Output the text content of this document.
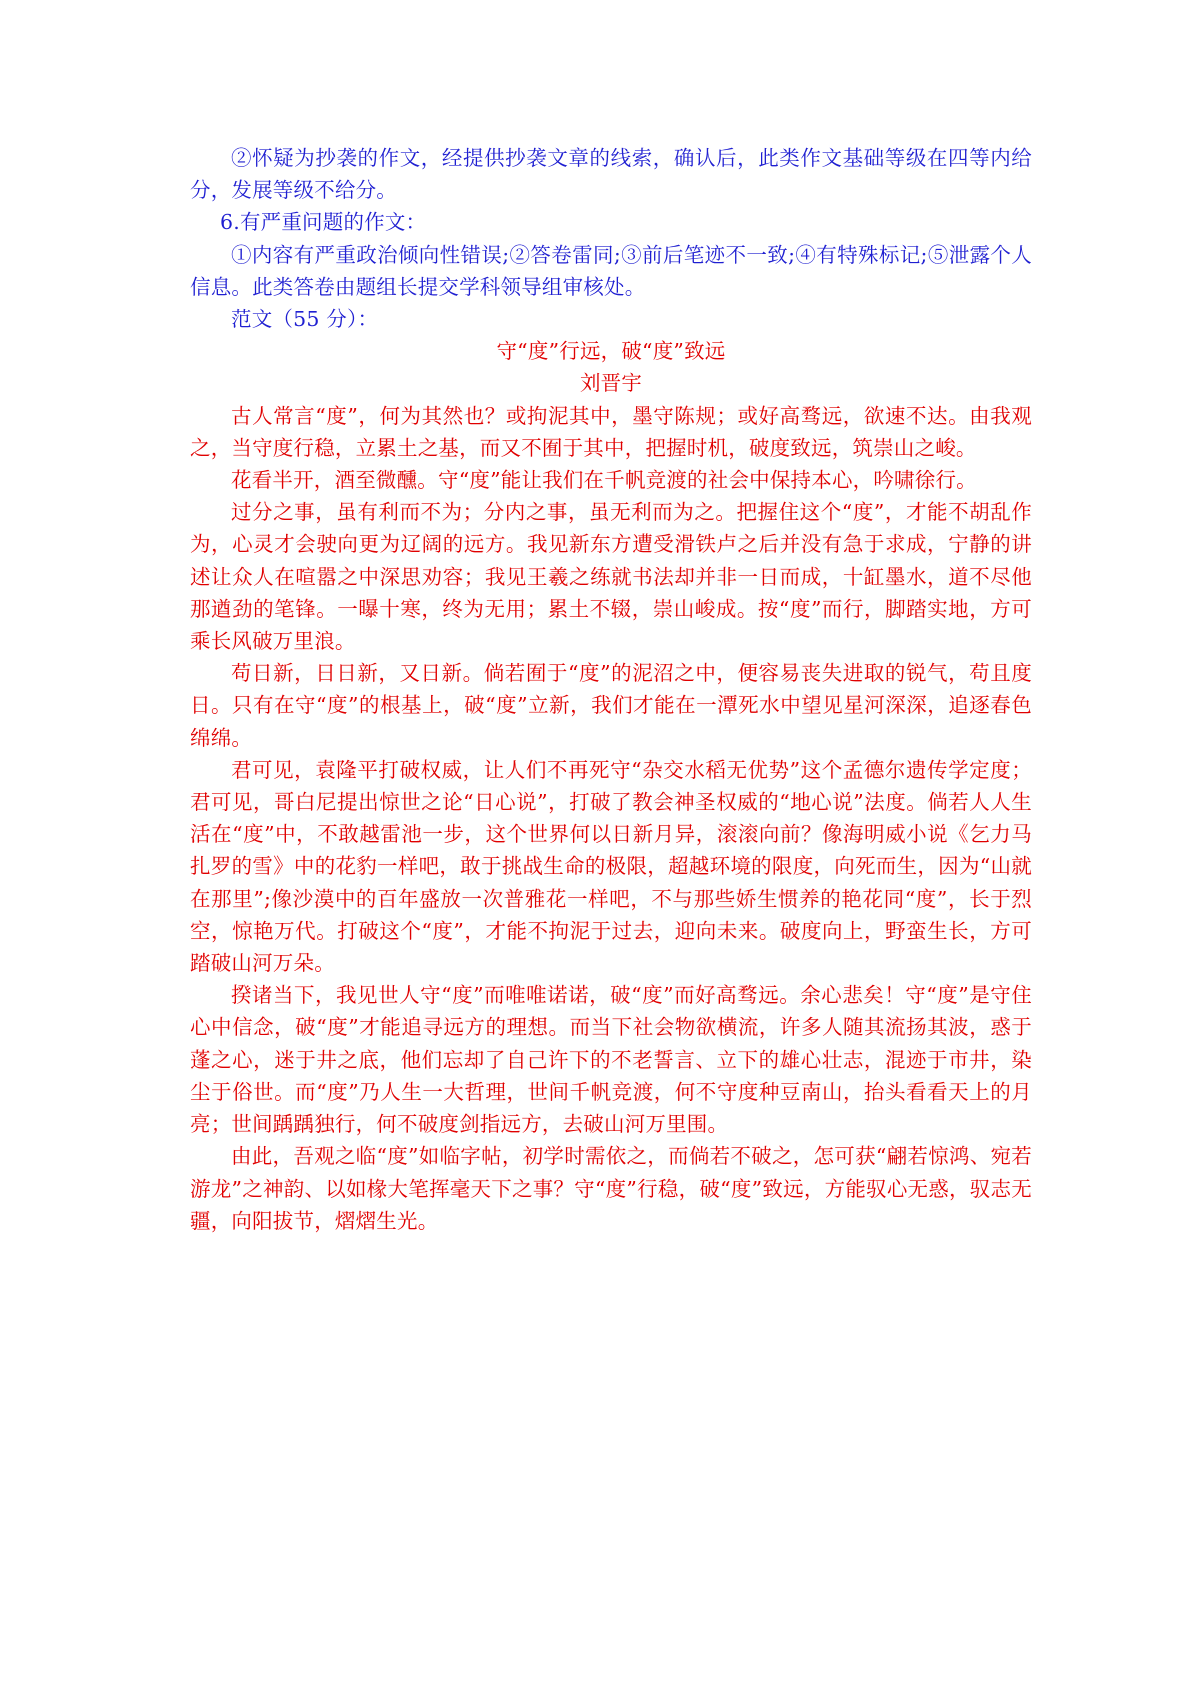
②怀疑为抄袭的作文，经提供抄袭文章的线索，确认后，此类作文基础等级在四等内给分，发展等级不给分。

6.有严重问题的作文：

①内容有严重政治倾向性错误;②答卷雷同;③前后笔迹不一致;④有特殊标记;⑤泄露个人信息。此类答卷由题组长提交学科领导组审核处。

范文（55 分）：

守“度”行远，破“度”致远

刘晋宇

古人常言“度”，何为其然也？或拘泥其中，墨守陈规；或好高骛远，欲速不达。由我观之，当守度行稳，立累土之基，而又不囿于其中，把握时机，破度致远，筑崇山之峻。

花看半开，酒至微醺。守“度”能让我们在千帆竞渡的社会中保持本心，吟啸徐行。

过分之事，虽有利而不为；分内之事，虽无利而为之。把握住这个“度”，才能不胡乱作为，心灵才会驶向更为辽阔的远方。我见新东方遭受滑铁卢之后并没有急于求成，宁静的讲述让众人在喧嚣之中深思劝容；我见王羲之练就书法却并非一日而成，十缸墨水，道不尽他那遒劲的笔锋。一曝十寒，终为无用；累土不辍，崇山峻成。按“度”而行，脚踏实地，方可乘长风破万里浪。

苟日新，日日新，又日新。倘若囿于“度”的泥沼之中，便容易丧失进取的锐气，苟且度日。只有在守“度”的根基上，破“度”立新，我们才能在一潭死水中望见星河深深，追逐春色绵绵。

君可见，袁隆平打破权威，让人们不再死守“杂交水稻无优势”这个孟德尔遗传学定度；君可见，哥白尼提出惊世之论“日心说”，打破了教会神圣权威的“地心说”法度。倘若人人生活在“度”中，不敢越雷池一步，这个世界何以日新月异，滚滚向前？像海明威小说《乞力马扎罗的雪》中的花豹一样吧，敢于挑战生命的极限，超越环境的限度，向死而生，因为“山就在那里”;像沙漠中的百年盛放一次普雅花一样吧，不与那些娇生惯养的艳花同“度”，长于烈空，惊艳万代。打破这个“度”，才能不拘泥于过去，迎向未来。破度向上，野蛮生长，方可踏破山河万朵。

揆诸当下，我见世人守“度”而唯唯诺诺，破“度”而好高骛远。余心悲矣！守“度”是守住心中信念，破“度”才能追寻远方的理想。而当下社会物欲横流，许多人随其流扬其波，惑于蓬之心，迷于井之底，他们忘却了自己许下的不老誓言、立下的雄心壮志，混迹于市井，染尘于俗世。而“度”乃人生一大哲理，世间千帆竞渡，何不守度种豆南山，抬头看看天上的月亮；世间踽踽独行，何不破度剑指远方，去破山河万里围。

由此，吾观之临“度”如临字帖，初学时需依之，而倘若不破之，怎可获“翩若惊鸿、宛若游龙”之神韵、以如椽大笔挥毫天下之事？守“度”行稳，破“度”致远，方能驭心无惑，驭志无疆，向阳拔节，熠熠生光。
